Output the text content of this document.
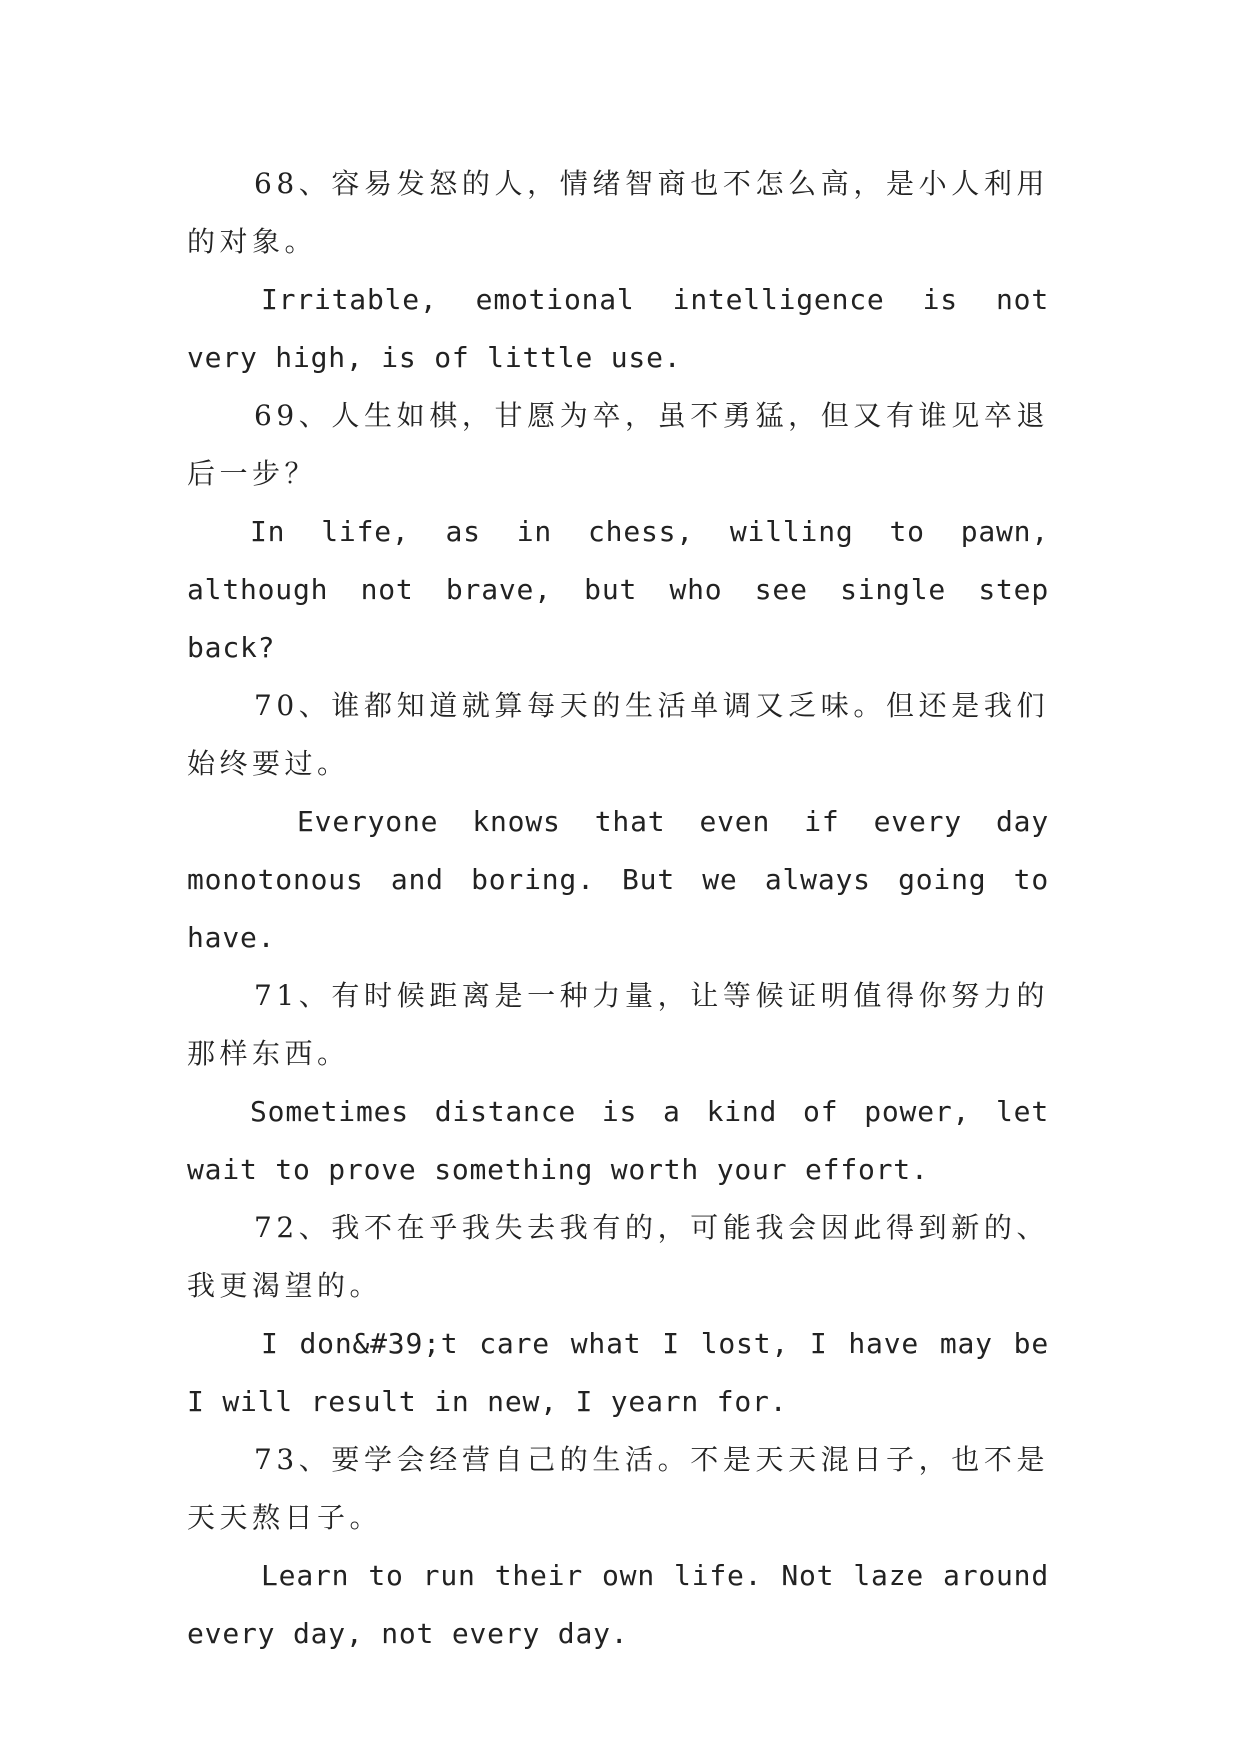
68、容易发怒的人，情绪智商也不怎么高，是小人利用的对象。

Irritable, emotional intelligence is not very high, is of little use.

69、人生如棋，甘愿为卒，虽不勇猛，但又有谁见卒退后一步？

In life, as in chess, willing to pawn, although not brave, but who see single step back?

70、谁都知道就算每天的生活单调又乏味。但还是我们始终要过。

Everyone knows that even if every day monotonous and boring. But we always going to have.

71、有时候距离是一种力量，让等候证明值得你努力的那样东西。

Sometimes distance is a kind of power, let wait to prove something worth your effort.

72、我不在乎我失去我有的，可能我会因此得到新的、我更渴望的。

I don&#39;t care what I lost, I have may be I will result in new, I yearn for.

73、要学会经营自己的生活。不是天天混日子，也不是天天熬日子。

Learn to run their own life. Not laze around every day, not every day.
